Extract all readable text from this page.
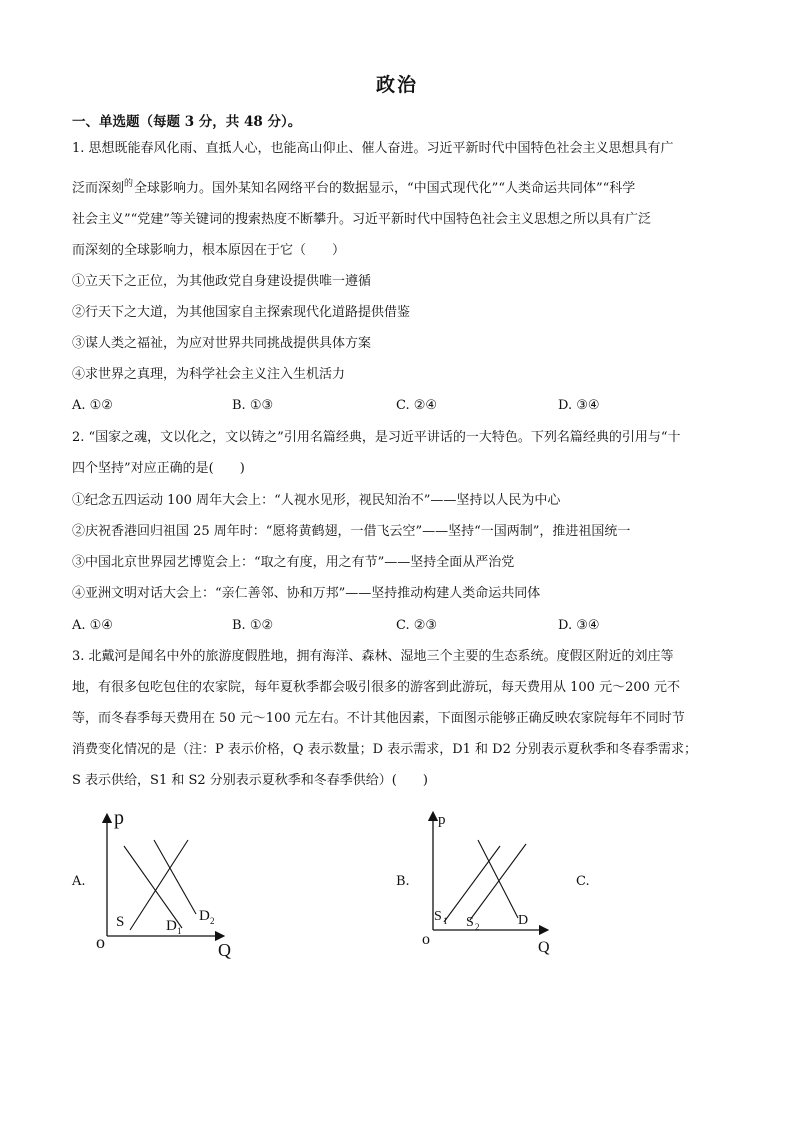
政治
一、单选题（每题 3 分，共 48 分）。
1. 思想既能春风化雨、直抵人心，也能高山仰止、催人奋进。习近平新时代中国特色社会主义思想具有广
泛而深刻$^的$全球影响力。国外某知名网络平台的数据显示，“中国式现代化”“人类命运共同体”“科学
社会主义”“党建”等关键词的搜索热度不断攀升。习近平新时代中国特色社会主义思想之所以具有广泛
而深刻的全球影响力，根本原因在于它（　　）
①立天下之正位，为其他政党自身建设提供唯一遵循
②行天下之大道，为其他国家自主探索现代化道路提供借鉴
③谋人类之福祉，为应对世界共同挑战提供具体方案
④求世界之真理，为科学社会主义注入生机活力
A. ①②	B. ①③	C. ②④	D. ③④
2. “国家之魂，文以化之，文以铸之”引用名篇经典，是习近平讲话的一大特色。下列名篇经典的引用与“十
四个坚持”对应正确的是(　　)
①纪念五四运动 100 周年大会上：“人视水见形，视民知治不”——坚持以人民为中心
②庆祝香港回归祖国 25 周年时：“愿将黄鹤翅，一借飞云空”——坚持“一国两制”，推进祖国统一
③中国北京世界园艺博览会上：“取之有度，用之有节”——坚持全面从严治党
④亚洲文明对话大会上：“亲仁善邻、协和万邦”——坚持推动构建人类命运共同体
A. ①④	B. ①②	C. ②③	D. ③④
3. 北戴河是闻名中外的旅游度假胜地，拥有海洋、森林、湿地三个主要的生态系统。度假区附近的刘庄等
地，有很多包吃包住的农家院，每年夏秋季都会吸引很多的游客到此游玩，每天费用从 100 元～200 元不
等，而冬春季每天费用在 50 元～100 元左右。不计其他因素，下面图示能够正确反映农家院每年不同时节
消费变化情况的是（注：P 表示价格，Q 表示数量；D 表示需求，D1 和 D2 分别表示夏秋季和冬春季需求；
S 表示供给，S1 和 S2 分别表示夏秋季和冬春季供给）(　　)
A.	B.	C.
p
Q
o
S	D 1
D 2
p
Q
o
S 1 S 2	D
